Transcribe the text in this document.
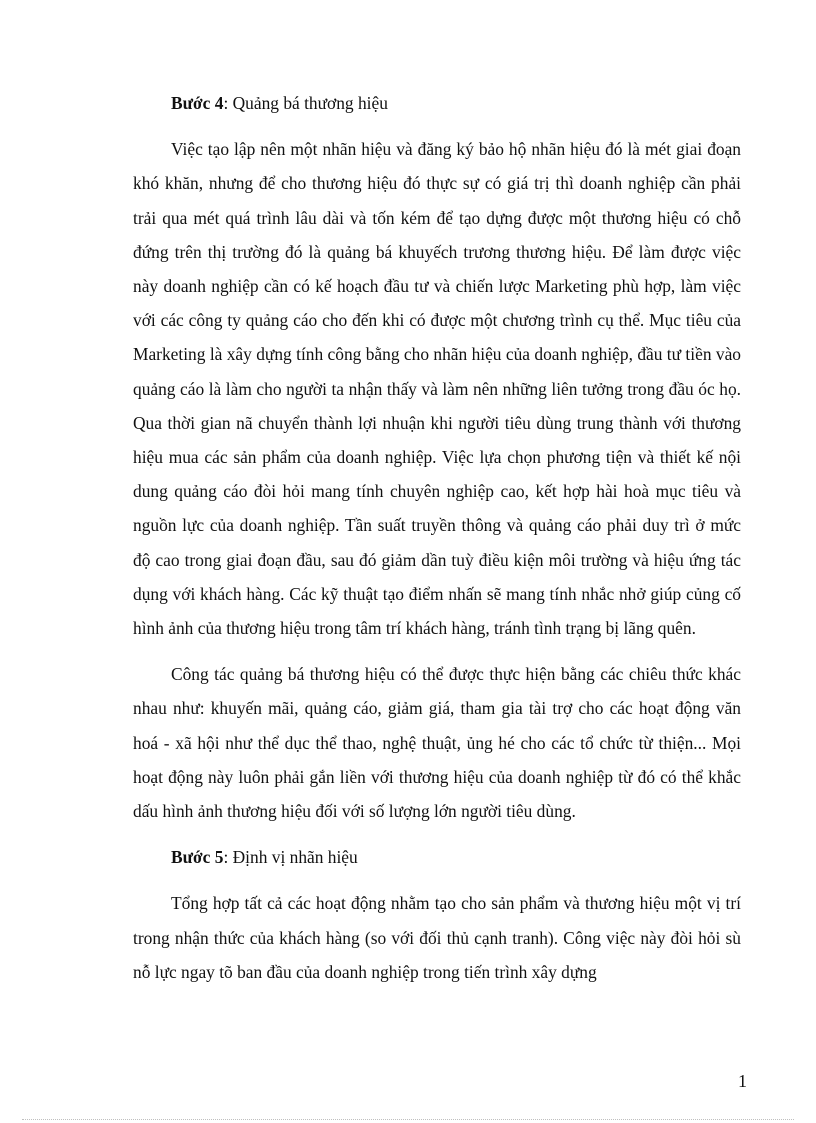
Bước 4: Quảng bá thương hiệu

Việc tạo lập nên một nhãn hiệu và đăng ký bảo hộ nhãn hiệu đó là mét giai đoạn khó khăn, nhưng để cho thương hiệu đó thực sự có giá trị thì doanh nghiệp cần phải trải qua mét quá trình lâu dài và tốn kém để tạo dựng được một thương hiệu có chỗ đứng trên thị trường đó là quảng bá khuyếch trương thương hiệu. Để làm được việc này doanh nghiệp cần có kế hoạch đầu tư và chiến lược Marketing phù hợp, làm việc với các công ty quảng cáo cho đến khi có được một chương trình cụ thể. Mục tiêu của Marketing là xây dựng tính công bằng cho nhãn hiệu của doanh nghiệp, đầu tư tiền vào quảng cáo là làm cho người ta nhận thấy và làm nên những liên tưởng trong đầu óc họ. Qua thời gian nã chuyển thành lợi nhuận khi người tiêu dùng trung thành với thương hiệu mua các sản phẩm của doanh nghiệp. Việc lựa chọn phương tiện và thiết kế nội dung quảng cáo đòi hỏi mang tính chuyên nghiệp cao, kết hợp hài hoà mục tiêu và nguồn lực của doanh nghiệp. Tần suất truyền thông và quảng cáo phải duy trì ở mức độ cao trong giai đoạn đầu, sau đó giảm dần tuỳ điều kiện môi trường và hiệu ứng tác dụng với khách hàng. Các kỹ thuật tạo điểm nhấn sẽ mang tính nhắc nhở giúp củng cố hình ảnh của thương hiệu trong tâm trí khách hàng, tránh tình trạng bị lãng quên.

Công tác quảng bá thương hiệu có thể được thực hiện bằng các chiêu thức khác nhau như: khuyến mãi, quảng cáo, giảm giá, tham gia tài trợ cho các hoạt động văn hoá - xã hội như thể dục thể thao, nghệ thuật, ủng hé cho các tổ chức từ thiện... Mọi hoạt động này luôn phải gắn liền với thương hiệu của doanh nghiệp từ đó có thể khắc dấu hình ảnh thương hiệu đối với số lượng lớn người tiêu dùng.

Bước 5: Định vị nhãn hiệu

Tổng hợp tất cả các hoạt động nhằm tạo cho sản phẩm và thương hiệu một vị trí trong nhận thức của khách hàng (so với đối thủ cạnh tranh). Công việc này đòi hỏi sù nỗ lực ngay tõ ban đầu của doanh nghiệp trong tiến trình xây dựng

1
